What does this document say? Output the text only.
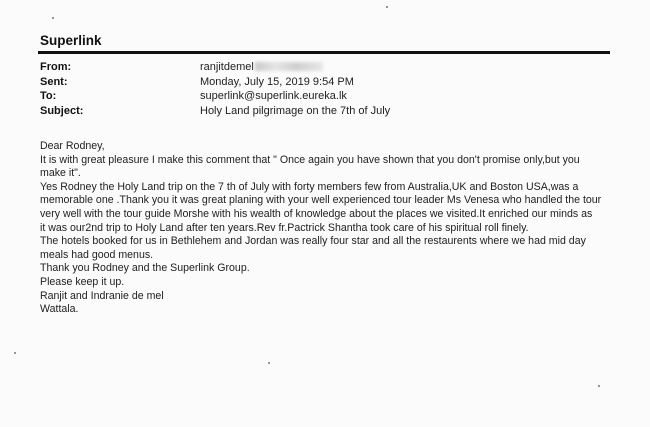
Superlink
From:	ranjitdemel
Sent:	Monday, July 15, 2019 9:54 PM
To:	superlink@superlink.eureka.lk
Subject:	Holy Land pilgrimage on the 7th of July

Dear Rodney,

It is with great pleasure I make this comment that " Once again you have shown that you don't promise only,but you

make it".

Yes Rodney the Holy Land trip on the 7 th of July with forty members few from Australia,UK and Boston USA,was a

memorable one .Thank you it was great planing with your well experienced tour leader Ms Venesa who handled the tour

very well with the tour guide Morshe with his wealth of knowledge about the places we visited.It enriched our minds as

it was our2nd trip to Holy Land after ten years.Rev fr.Pactrick Shantha took care of his spiritual roll finely.

The hotels booked for us in Bethlehem and Jordan was really four star and all the restaurents where we had mid day

meals had good menus.

Thank you Rodney and the Superlink Group.

Please keep it up.

Ranjit and Indranie de mel

Wattala.
